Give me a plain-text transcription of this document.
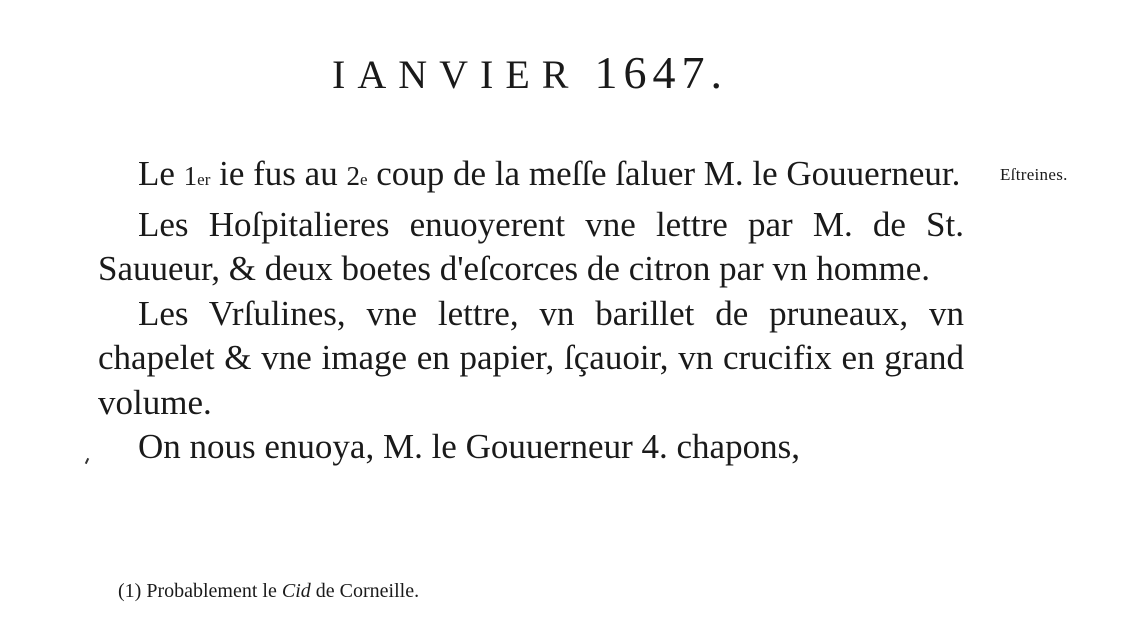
IANVIER 1647.
Eſtreines.

Le 1er ie fus au 2e coup de la meſſe ſaluer M. le Gouuerneur.

Les Hoſpitalieres enuoyerent vne lettre par M. de St. Sauueur, & deux boetes d'eſcorces de citron par vn homme.

Les Vrſulines, vne lettre, vn barillet de pruneaux, vn chapelet & vne image en papier, ſçauoir, vn crucifix en grand volume.

On nous enuoya, M. le Gouuerneur 4. chapons,

(1) Probablement le Cid de Corneille.
